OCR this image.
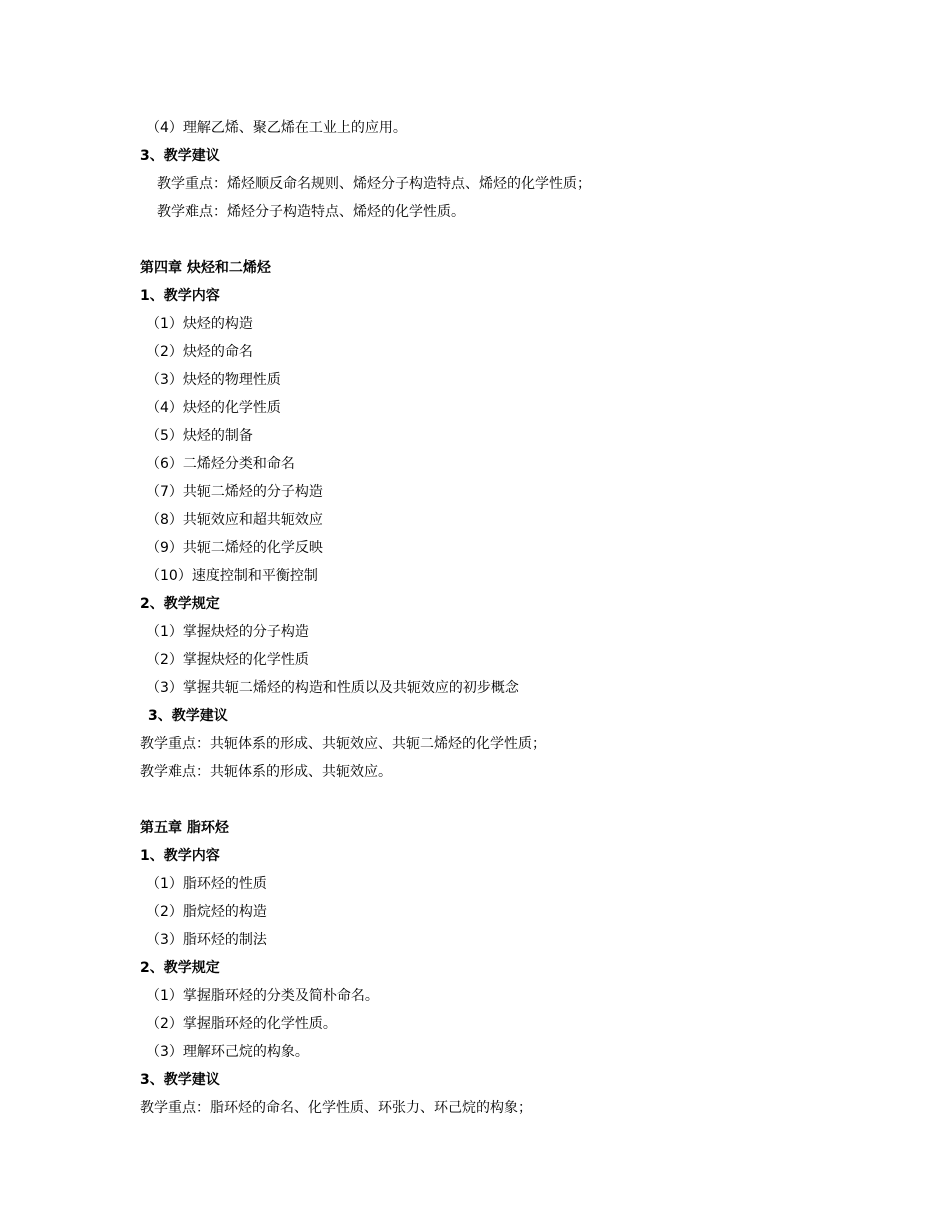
（4）理解乙烯、聚乙烯在工业上的应用。
3、教学建议
教学重点：烯烃顺反命名规则、烯烃分子构造特点、烯烃的化学性质；
教学难点：烯烃分子构造特点、烯烃的化学性质。
第四章 炔烃和二烯烃
1、教学内容
（1）炔烃的构造
（2）炔烃的命名
（3）炔烃的物理性质
（4）炔烃的化学性质
（5）炔烃的制备
（6）二烯烃分类和命名
（7）共轭二烯烃的分子构造
（8）共轭效应和超共轭效应
（9）共轭二烯烃的化学反映
（10）速度控制和平衡控制
2、教学规定
（1）掌握炔烃的分子构造
（2）掌握炔烃的化学性质
（3）掌握共轭二烯烃的构造和性质以及共轭效应的初步概念
3、教学建议
教学重点：共轭体系的形成、共轭效应、共轭二烯烃的化学性质；
教学难点：共轭体系的形成、共轭效应。
第五章 脂环烃
1、教学内容
（1）脂环烃的性质
（2）脂烷烃的构造
（3）脂环烃的制法
2、教学规定
（1）掌握脂环烃的分类及简朴命名。
（2）掌握脂环烃的化学性质。
（3）理解环己烷的构象。
3、教学建议
教学重点：脂环烃的命名、化学性质、环张力、环己烷的构象；
